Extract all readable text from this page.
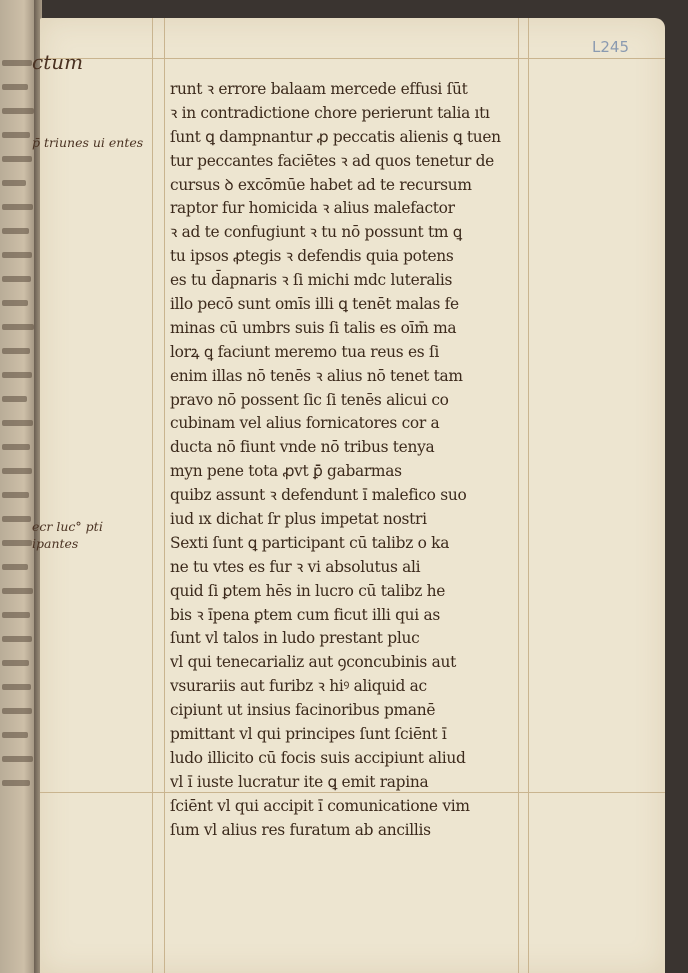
ctum
L245
p̄ triunes ui entes
ecr luc° pti̇ ipantes
runt ꝛ errore balaam mercede effusi ſūt
ꝛ in contradictione chore perierunt talia ıtı
ſunt ꝗ dampnantur ꝓ peccatis alienis ꝗ tuen
tur peccantes faciētes ꝛ ad quos tenetur de
cursus ꝺ excōmūe habet ad te recursum
raptor fur homicida ꝛ alius malefactor
ꝛ ad te confugiunt ꝛ tu nō possunt tm ꝗ
tu ipsos ꝓtegis ꝛ defendis quia potens
es tu d̄apnaris ꝛ ſi michi mdc luteralis
illo pecō sunt omīs illi ꝗ tenēt malas fe
minas cū umbrs suis ſi talis es oīm̄ ma
lorꝝ ꝗ faciunt meremo tua reus es ſi
enim illas nō tenēs ꝛ alius nō tenet tam
pravo nō possent ſic ſi tenēs alicui co
cubinam vel alius fornicatores cor a
ducta nō fiunt vnde nō tribus tenya
myn pene tota ꝓvt ꝑ̄ gabarmas
quibz assunt ꝛ defendunt ı̄ malefico suo
iud ıx dichat ſr plus impetat nostri
Sexti ſunt ꝗ participant cū talibz o ka
ne tu vtes es fur ꝛ vi absolutus ali
quid ſi ꝑtem hēs in lucro cū talibz he
bis ꝛ ı̄pena ꝑtem cum ficut illi qui as
ſunt vl talos in ludo prestant pluc
vl qui tenecarializ aut ꝯconcubinis aut
vsurariis aut furibz ꝛ hiꝰ aliquid ac
cipiunt ut insius facinoribus pmanē
pmittant vl qui principes ſunt ſciēnt ı̄
ludo illicito cū focis suis accipiunt aliud
vl ı̄ iuste lucratur ite ꝗ emit rapina
ſciēnt vl qui accipit ı̄ comunicatione vim
ſum vl alius res furatum ab ancillis
